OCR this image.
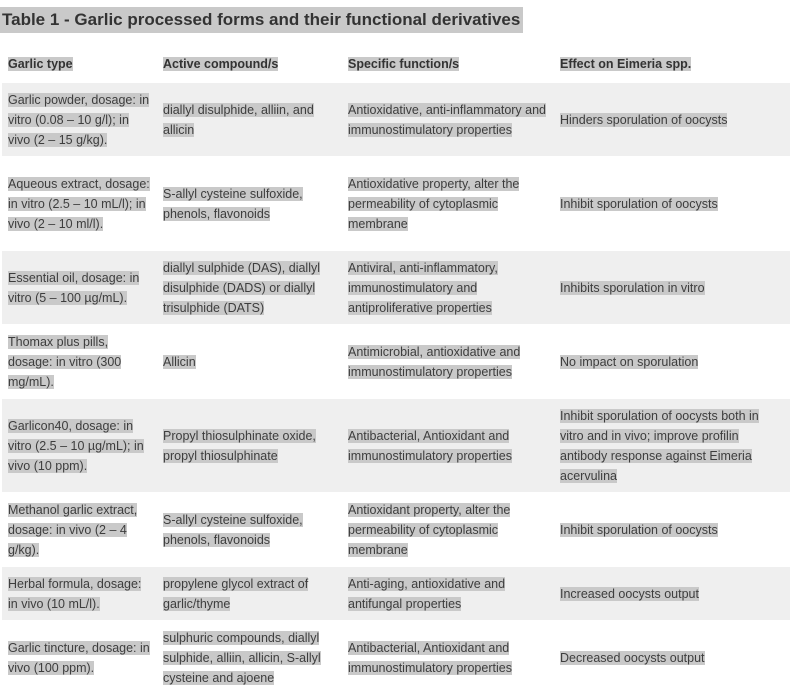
Table 1 - Garlic processed forms and their functional derivatives
Garlic type	Active compound/s	Specific function/s	Effect on Eimeria spp.
Garlic powder, dosage: in vitro (0.08 – 10 g/l); in vivo (2 – 15 g/kg).	diallyl disulphide, alliin, and allicin	Antioxidative, anti-inflammatory and immunostimulatory properties	Hinders sporulation of oocysts
Aqueous extract, dosage: in vitro (2.5 – 10 mL/l); in vivo (2 – 10 ml/l).	S-allyl cysteine sulfoxide, phenols, flavonoids	Antioxidative property, alter the permeability of cytoplasmic membrane	Inhibit sporulation of oocysts
Essential oil, dosage: in vitro (5 – 100 µg/mL).	diallyl sulphide (DAS), diallyl disulphide (DADS) or diallyl trisulphide (DATS)	Antiviral, anti-inflammatory, immunostimulatory and antiproliferative properties	Inhibits sporulation in vitro
Thomax plus pills, dosage: in vitro (300 mg/mL).	Allicin	Antimicrobial, antioxidative and immunostimulatory properties	No impact on sporulation
Garlicon40, dosage: in vitro (2.5 – 10 µg/mL); in vivo (10 ppm).	Propyl thiosulphinate oxide, propyl thiosulphinate	Antibacterial, Antioxidant and immunostimulatory properties	Inhibit sporulation of oocysts both in vitro and in vivo; improve profilin antibody response against Eimeria acervulina
Methanol garlic extract, dosage: in vivo (2 – 4 g/kg).	S-allyl cysteine sulfoxide, phenols, flavonoids	Antioxidant property, alter the permeability of cytoplasmic membrane	Inhibit sporulation of oocysts
Herbal formula, dosage: in vivo (10 mL/l).	propylene glycol extract of garlic/thyme	Anti-aging, antioxidative and antifungal properties	Increased oocysts output
Garlic tincture, dosage: in vivo (100 ppm).	sulphuric compounds, diallyl sulphide, alliin, allicin, S-allyl cysteine and ajoene	Antibacterial, Antioxidant and immunostimulatory properties	Decreased oocysts output
